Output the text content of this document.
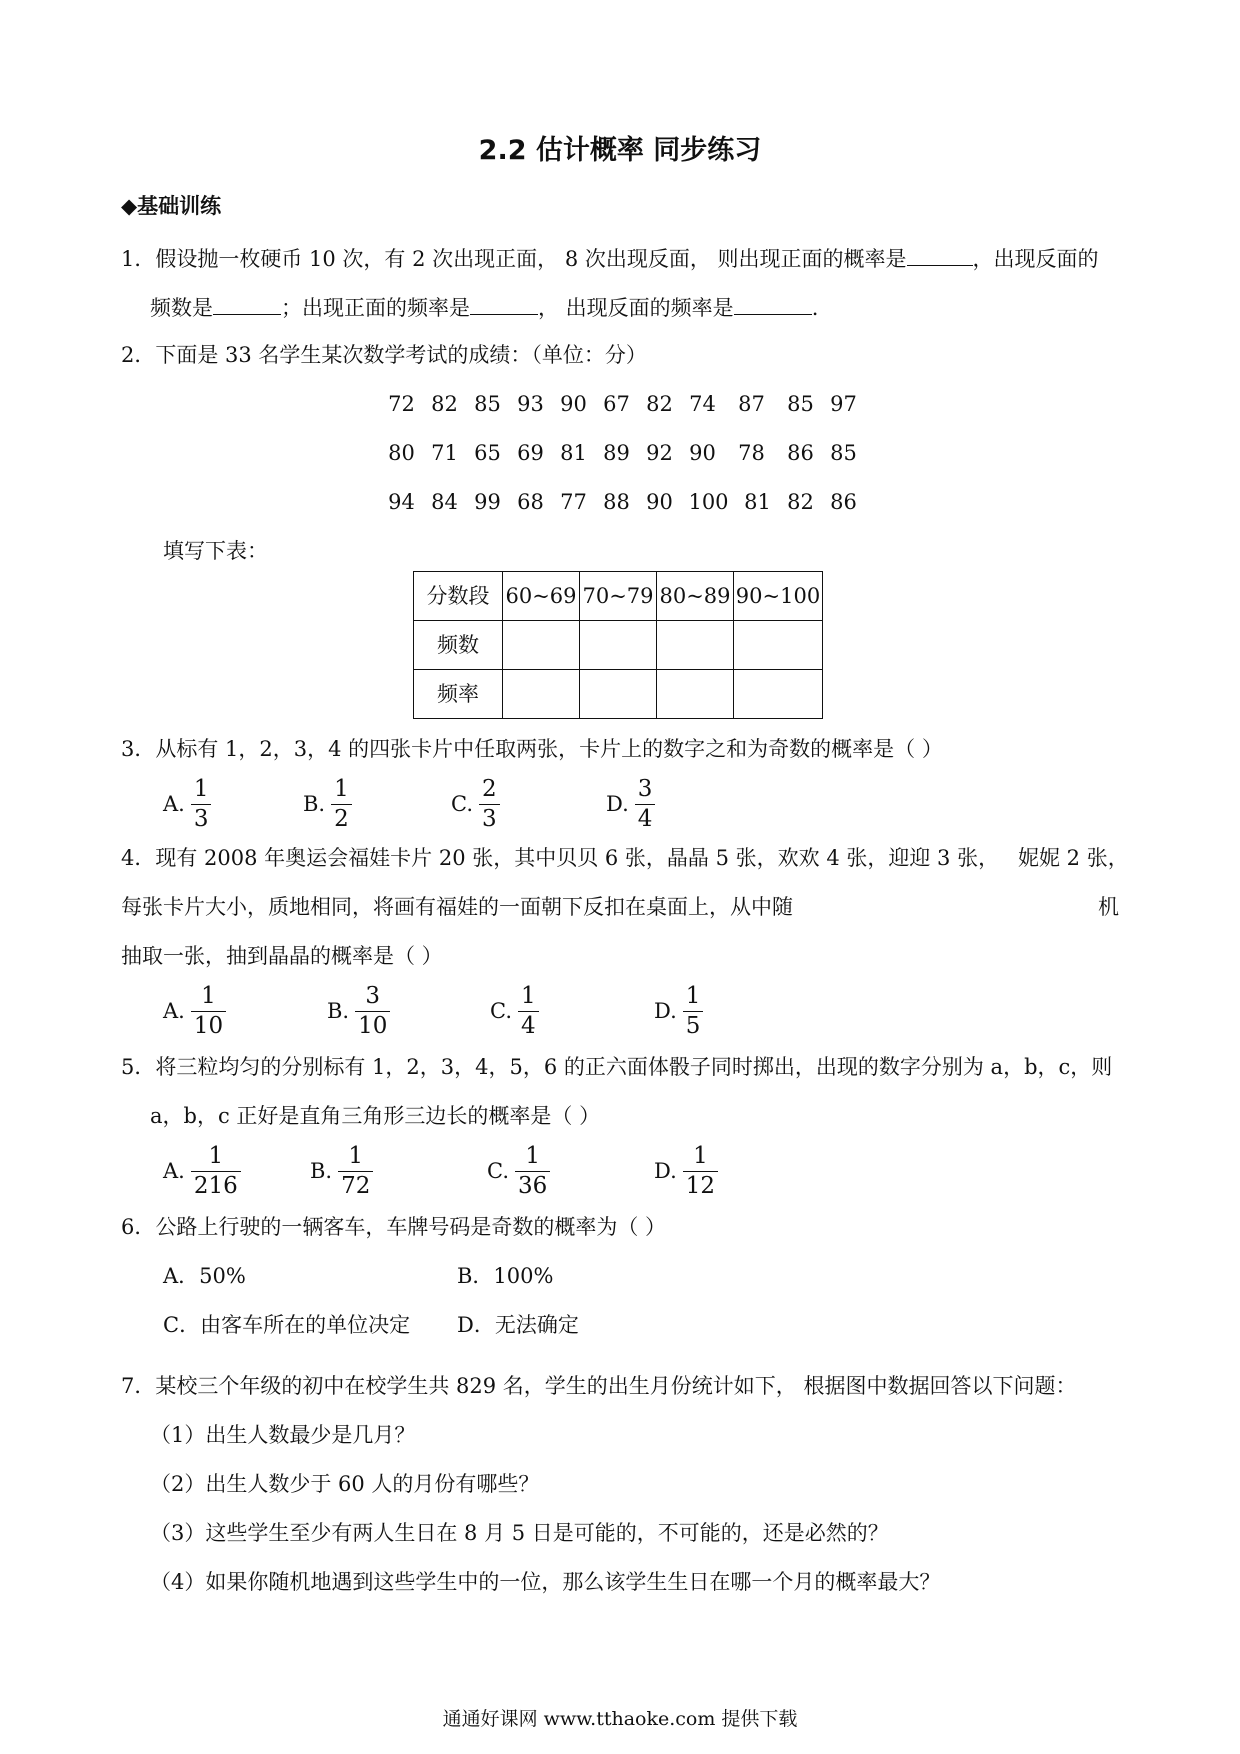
2.2 估计概率 同步练习
◆基础训练
1．假设抛一枚硬币 10 次，有 2 次出现正面， 8 次出现反面， 则出现正面的概率是	，出现反面的
频数是	；出现正面的频率是	， 出现反面的频率是	.
2．下面是 33 名学生某次数学考试的成绩：（单位：分）
72 82 85 93 90 67 82 74 87 85 97
80 71 65 69 81 89 92 90 78 86 85
94 84 99 68 77 88 90 100 81 82 86
填写下表：
分数段	60~69	70~79	80~89	90~100
频数				
频率				
3．从标有 1，2，3，4 的四张卡片中任取两张，卡片上的数字之和为奇数的概率是（ ）
A. $\frac{1}{3}$	B. $\frac{1}{2}$	C. $\frac{2}{3}$	D. $\frac{3}{4}$
4．现有 2008 年奥运会福娃卡片 20 张，其中贝贝 6 张，晶晶 5 张，欢欢 4 张，迎迎 3 张， 妮妮 2 张，
每张卡片大小，质地相同，将画有福娃的一面朝下反扣在桌面上，从中随	机
抽取一张，抽到晶晶的概率是（ ）
A. $\frac{1}{10}$	B. $\frac{3}{10}$	C. $\frac{1}{4}$	D. $\frac{1}{5}$
5．将三粒均匀的分别标有 1，2，3，4，5，6 的正六面体骰子同时掷出，出现的数字分别为 a，b，c，则
a，b，c 正好是直角三角形三边长的概率是（ ）
A. $\frac{1}{216}$	B. $\frac{1}{72}$	C. $\frac{1}{36}$	D. $\frac{1}{12}$
6．公路上行驶的一辆客车，车牌号码是奇数的概率为（ ）
A．50%	B．100%
C．由客车所在的单位决定 D．无法确定
7．某校三个年级的初中在校学生共 829 名，学生的出生月份统计如下， 根据图中数据回答以下问题：
（1）出生人数最少是几月？
（2）出生人数少于 60 人的月份有哪些？
（3）这些学生至少有两人生日在 8 月 5 日是可能的，不可能的，还是必然的？
（4）如果你随机地遇到这些学生中的一位，那么该学生生日在哪一个月的概率最大？
通通好课网 www.tthaoke.com 提供下载
